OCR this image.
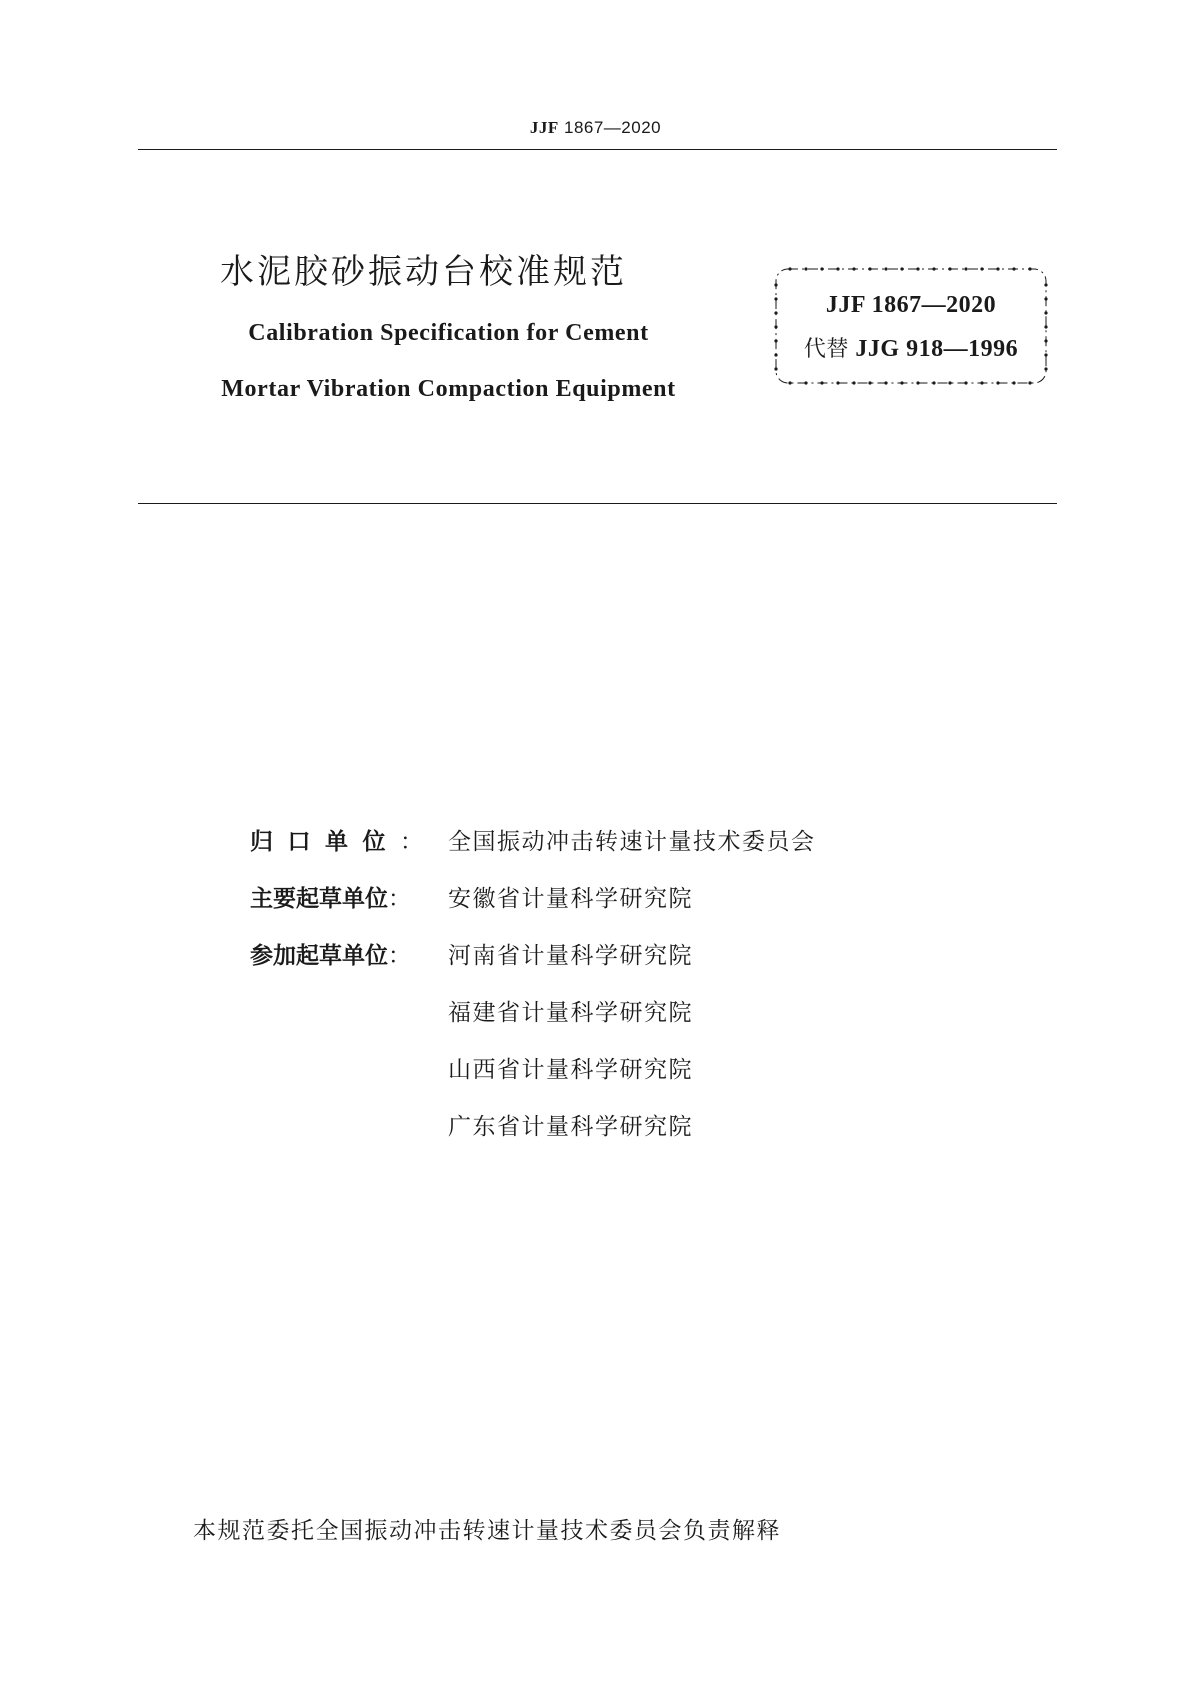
JJF 1867—2020
水泥胶砂振动台校准规范
Calibration Specification for Cement
Mortar Vibration Compaction Equipment
JJF 1867—2020
代替 JJG 918—1996
归口单位：	全国振动冲击转速计量技术委员会
主要起草单位：	安徽省计量科学研究院
参加起草单位：	河南省计量科学研究院
福建省计量科学研究院
山西省计量科学研究院
广东省计量科学研究院
本规范委托全国振动冲击转速计量技术委员会负责解释
